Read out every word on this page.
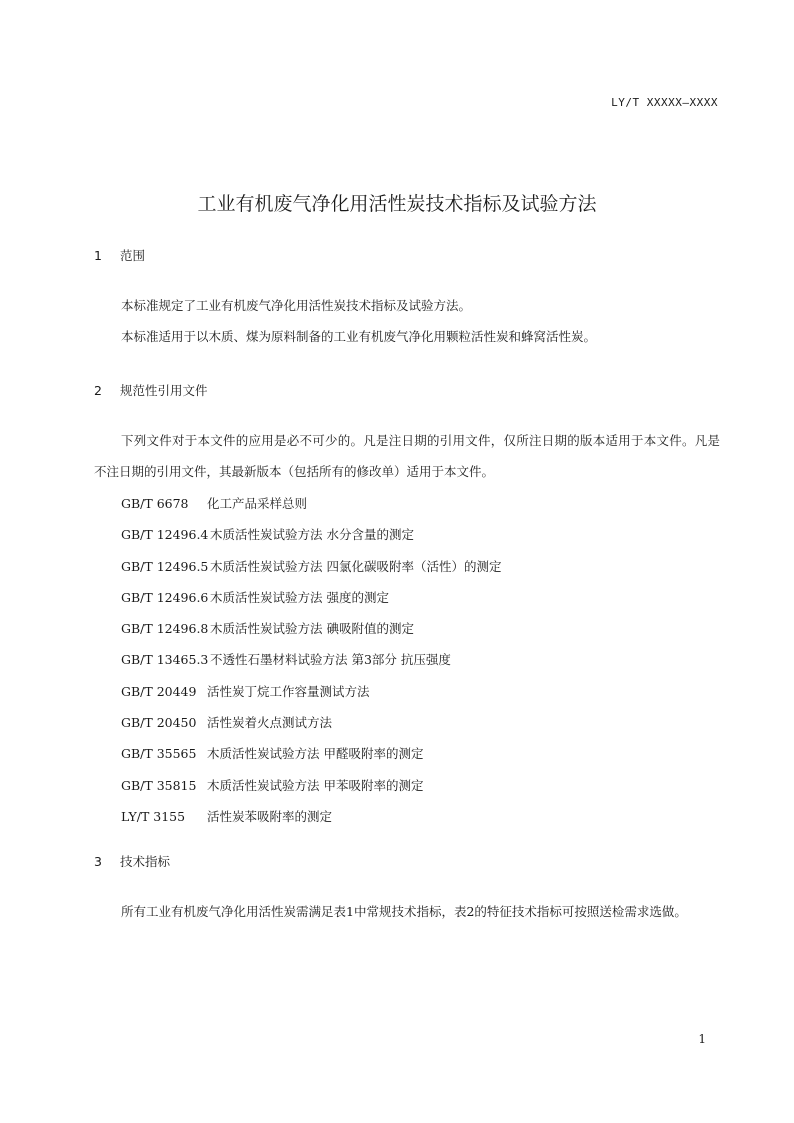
LY/T XXXXX—XXXX
工业有机废气净化用活性炭技术指标及试验方法
1 范围

本标准规定了工业有机废气净化用活性炭技术指标及试验方法。

本标准适用于以木质、煤为原料制备的工业有机废气净化用颗粒活性炭和蜂窝活性炭。

2 规范性引用文件

下列文件对于本文件的应用是必不可少的。凡是注日期的引用文件，仅所注日期的版本适用于本文件。凡是不注日期的引用文件，其最新版本（包括所有的修改单）适用于本文件。

GB/T 6678 化工产品采样总则
GB/T 12496.4 木质活性炭试验方法 水分含量的测定
GB/T 12496.5 木质活性炭试验方法 四氯化碳吸附率（活性）的测定
GB/T 12496.6 木质活性炭试验方法 强度的测定
GB/T 12496.8 木质活性炭试验方法 碘吸附值的测定
GB/T 13465.3 不透性石墨材料试验方法 第3部分 抗压强度
GB/T 20449 活性炭丁烷工作容量测试方法
GB/T 20450 活性炭着火点测试方法
GB/T 35565 木质活性炭试验方法 甲醛吸附率的测定
GB/T 35815 木质活性炭试验方法 甲苯吸附率的测定
LY/T 3155 活性炭苯吸附率的测定
3 技术指标

所有工业有机废气净化用活性炭需满足表1中常规技术指标，表2的特征技术指标可按照送检需求选做。

1
